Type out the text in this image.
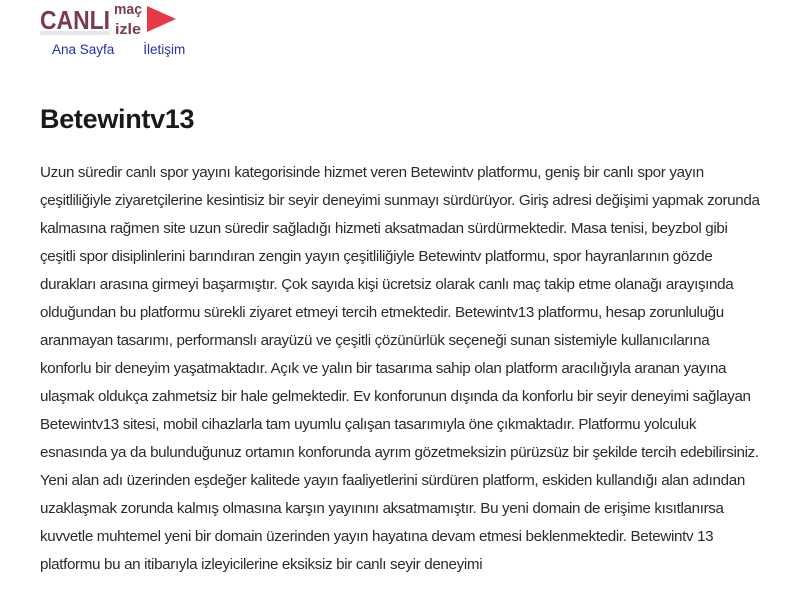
CANLI maç
izle
Ana Sayfa İletişim
Betewintv13

Uzun süredir canlı spor yayını kategorisinde hizmet veren Betewintv platformu, geniş bir canlı spor yayın çeşitliliğiyle ziyaretçilerine kesintisiz bir seyir deneyimi sunmayı sürdürüyor. Giriş adresi değişimi yapmak zorunda kalmasına rağmen site uzun süredir sağladığı hizmeti aksatmadan sürdürmektedir. Masa tenisi, beyzbol gibi çeşitli spor disiplinlerini barındıran zengin yayın çeşitliliğiyle Betewintv platformu, spor hayranlarının gözde durakları arasına girmeyi başarmıştır. Çok sayıda kişi ücretsiz olarak canlı maç takip etme olanağı arayışında olduğundan bu platformu sürekli ziyaret etmeyi tercih etmektedir. Betewintv13 platformu, hesap zorunluluğu aranmayan tasarımı, performanslı arayüzü ve çeşitli çözünürlük seçeneği sunan sistemiyle kullanıcılarına konforlu bir deneyim yaşatmaktadır. Açık ve yalın bir tasarıma sahip olan platform aracılığıyla aranan yayına ulaşmak oldukça zahmetsiz bir hale gelmektedir. Ev konforunun dışında da konforlu bir seyir deneyimi sağlayan Betewintv13 sitesi, mobil cihazlarla tam uyumlu çalışan tasarımıyla öne çıkmaktadır. Platformu yolculuk esnasında ya da bulunduğunuz ortamın konforunda ayrım gözetmeksizin pürüzsüz bir şekilde tercih edebilirsiniz. Yeni alan adı üzerinden eşdeğer kalitede yayın faaliyetlerini sürdüren platform, eskiden kullandığı alan adından uzaklaşmak zorunda kalmış olmasına karşın yayınını aksatmamıştır. Bu yeni domain de erişime kısıtlanırsa kuvvetle muhtemel yeni bir domain üzerinden yayın hayatına devam etmesi beklenmektedir. Betewintv 13 platformu bu an itibarıyla izleyicilerine eksiksiz bir canlı seyir deneyimi
